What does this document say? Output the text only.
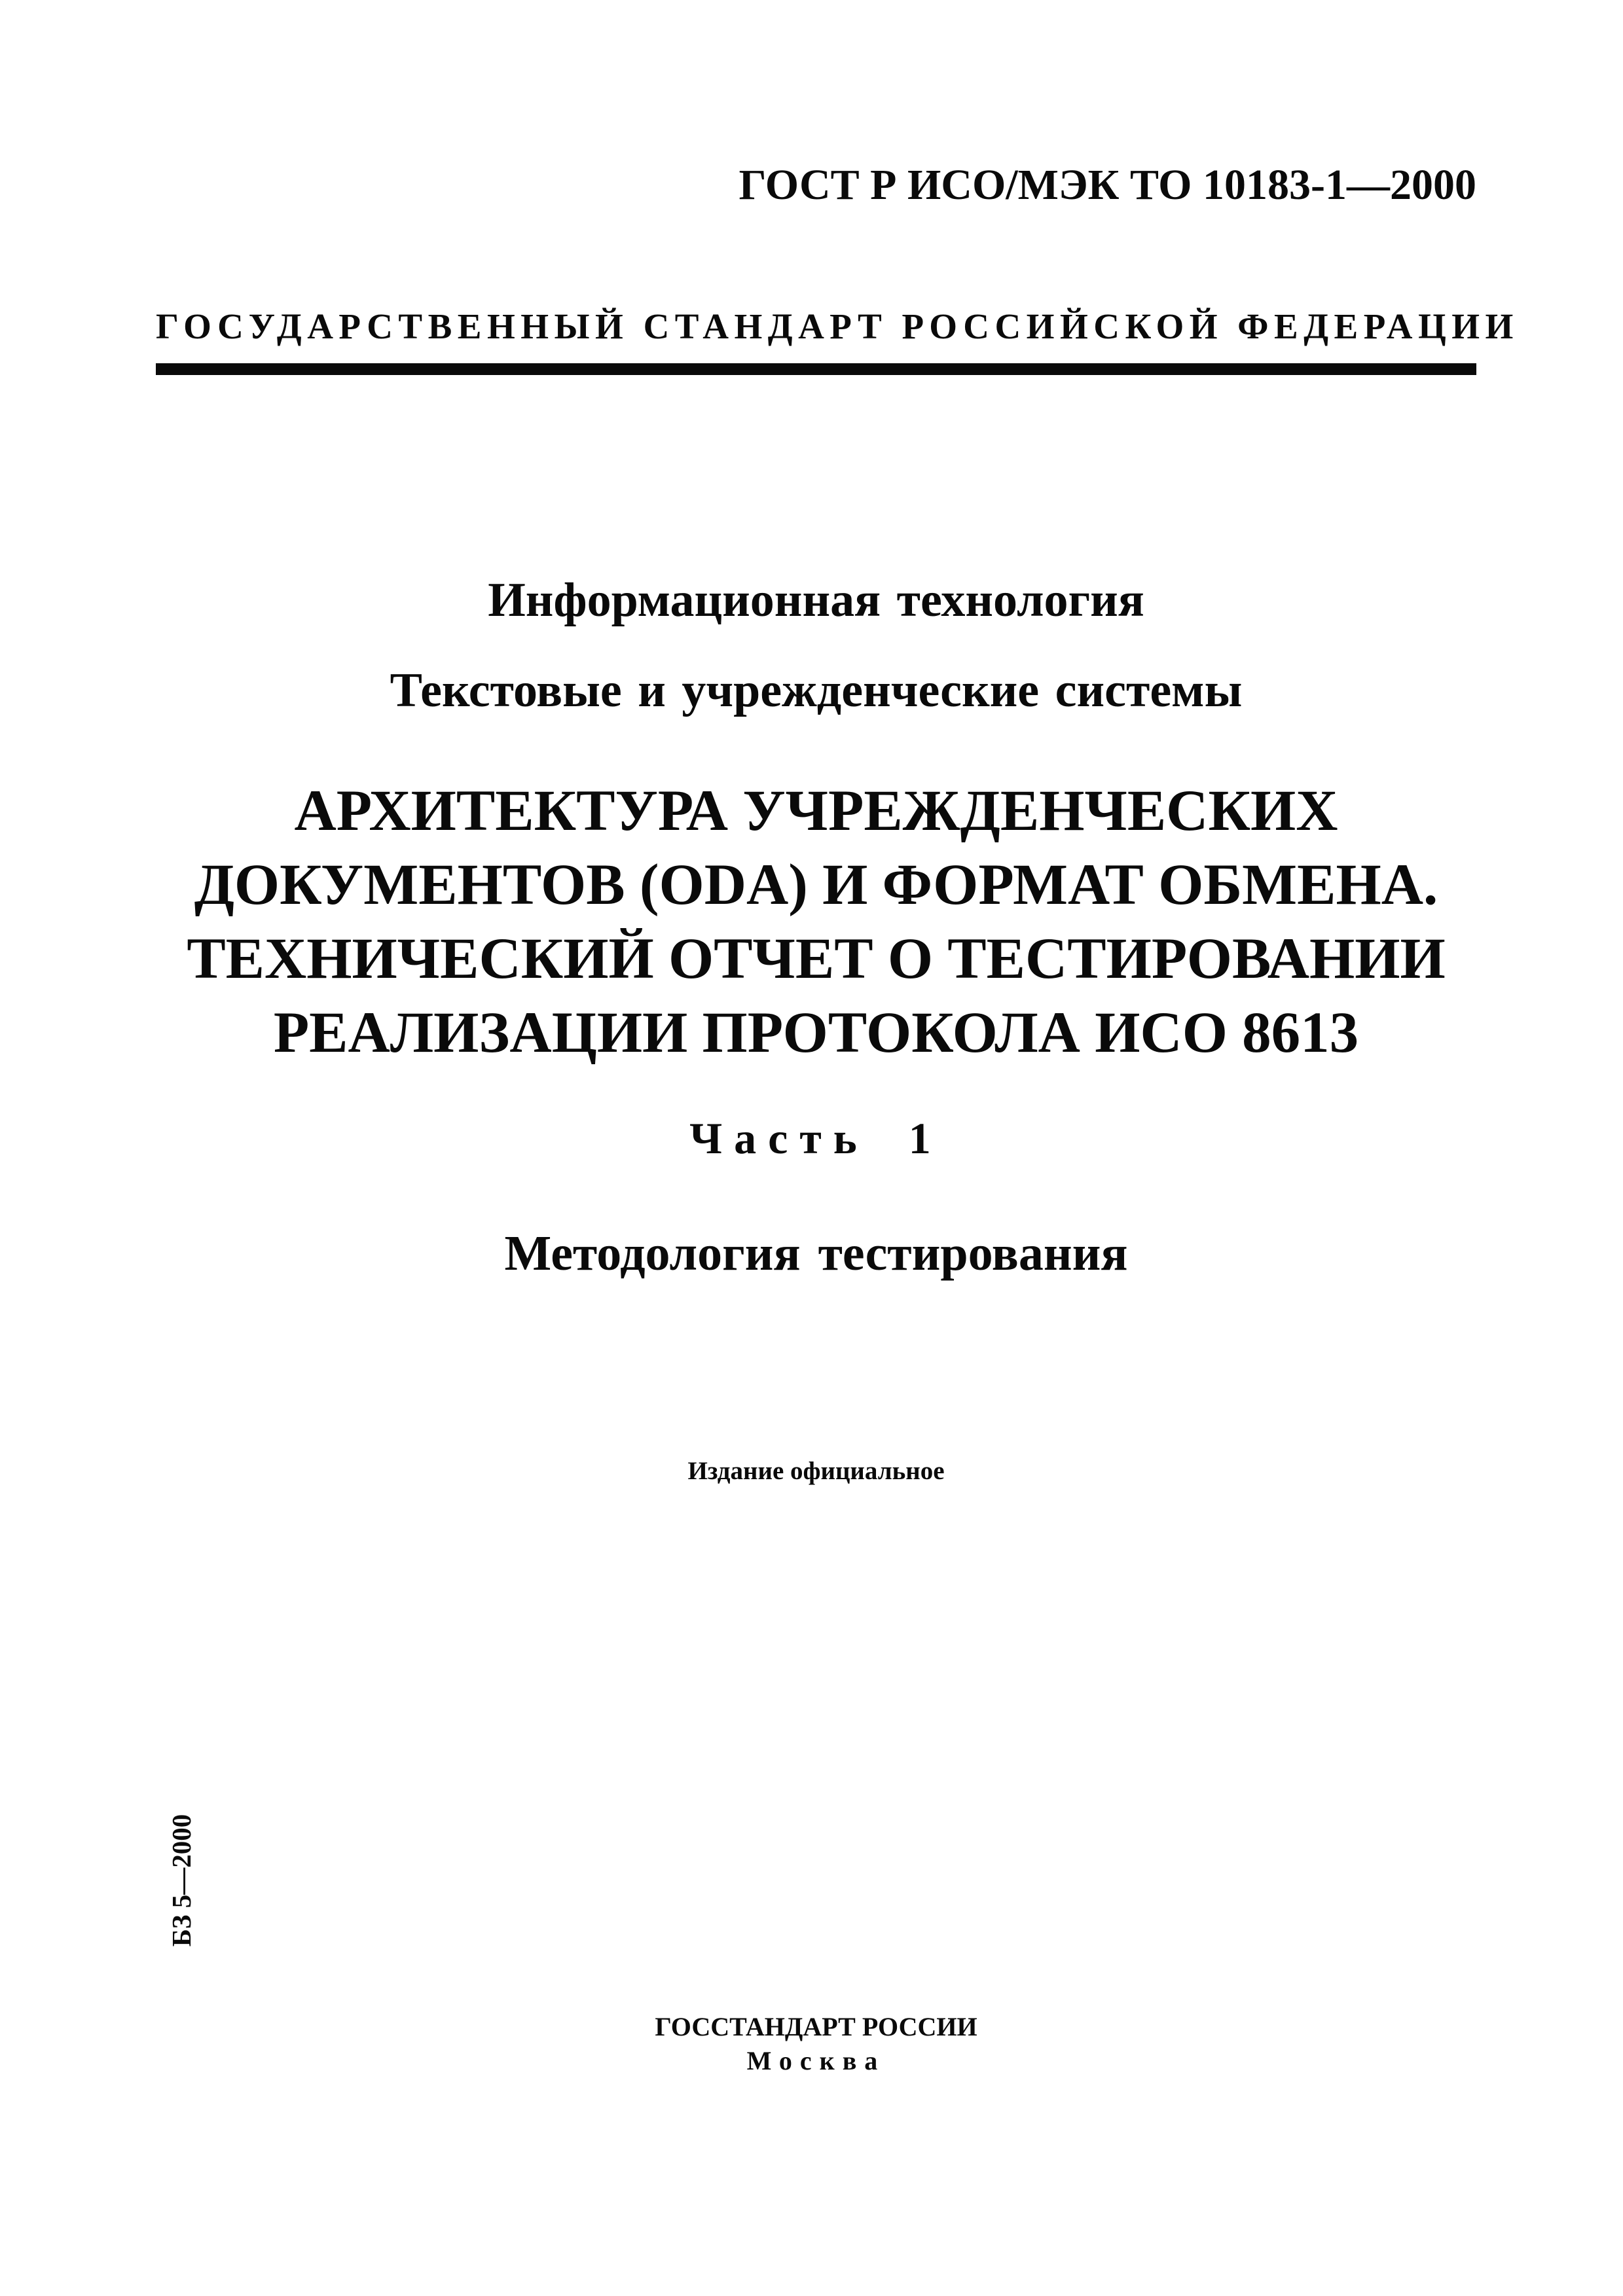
ГОСТ Р ИСО/МЭК ТО 10183-1—2000
ГОСУДАРСТВЕННЫЙ СТАНДАРТ РОССИЙСКОЙ ФЕДЕРАЦИИ
Информационная технология
Текстовые и учрежденческие системы
АРХИТЕКТУРА УЧРЕЖДЕНЧЕСКИХ
ДОКУМЕНТОВ (ODA) И ФОРМАТ ОБМЕНА.
ТЕХНИЧЕСКИЙ ОТЧЕТ О ТЕСТИРОВАНИИ
РЕАЛИЗАЦИИ ПРОТОКОЛА ИСО 8613
Часть 1
Методология тестирования
Издание официальное
БЗ 5—2000
ГОССТАНДАРТ РОССИИ
Москва
